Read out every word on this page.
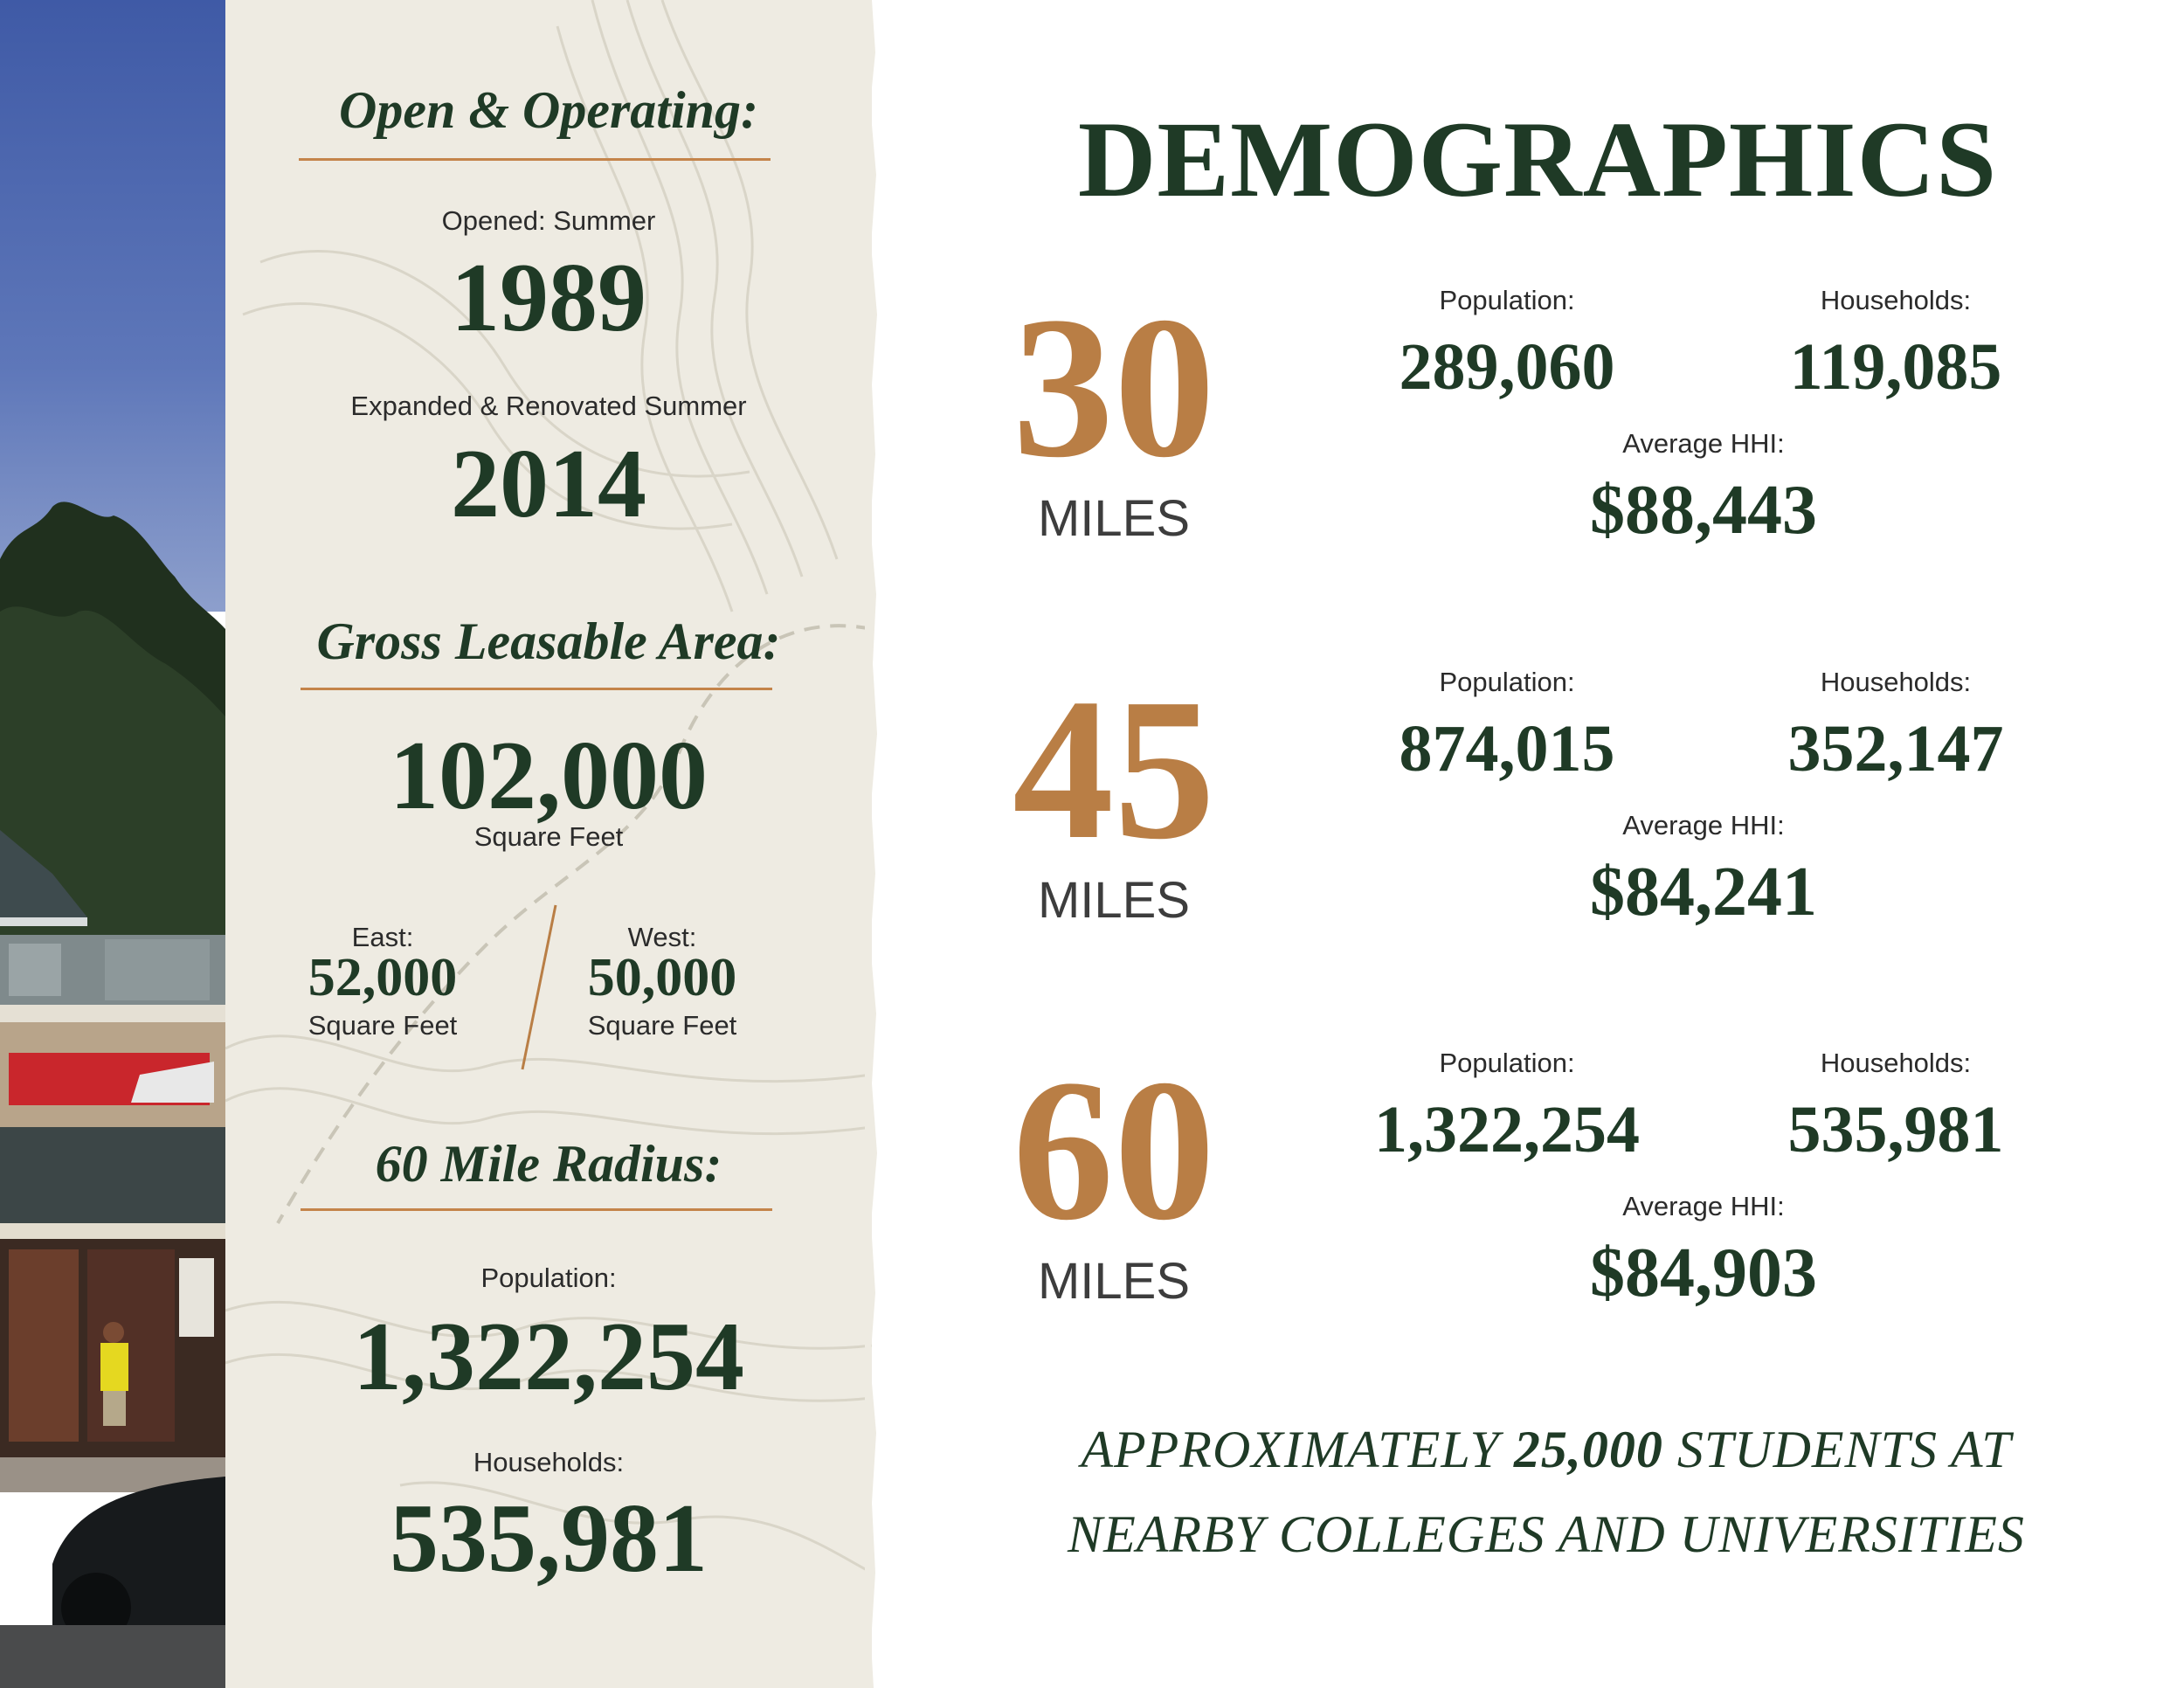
Open & Operating:
Opened: Summer
1989
Expanded & Renovated Summer
2014
Gross Leasable Area:
102,000
Square Feet
East:
52,000
Square Feet
West:
50,000
Square Feet
60 Mile Radius:
Population:
1,322,254
Households:
535,981
DEMOGRAPHICS
30
MILES
Population:
289,060
Households:
119,085
Average HHI:
$88,443
45
MILES
Population:
874,015
Households:
352,147
Average HHI:
$84,241
60
MILES
Population:
1,322,254
Households:
535,981
Average HHI:
$84,903
APPROXIMATELY 25,000 STUDENTS AT
NEARBY COLLEGES AND UNIVERSITIES
